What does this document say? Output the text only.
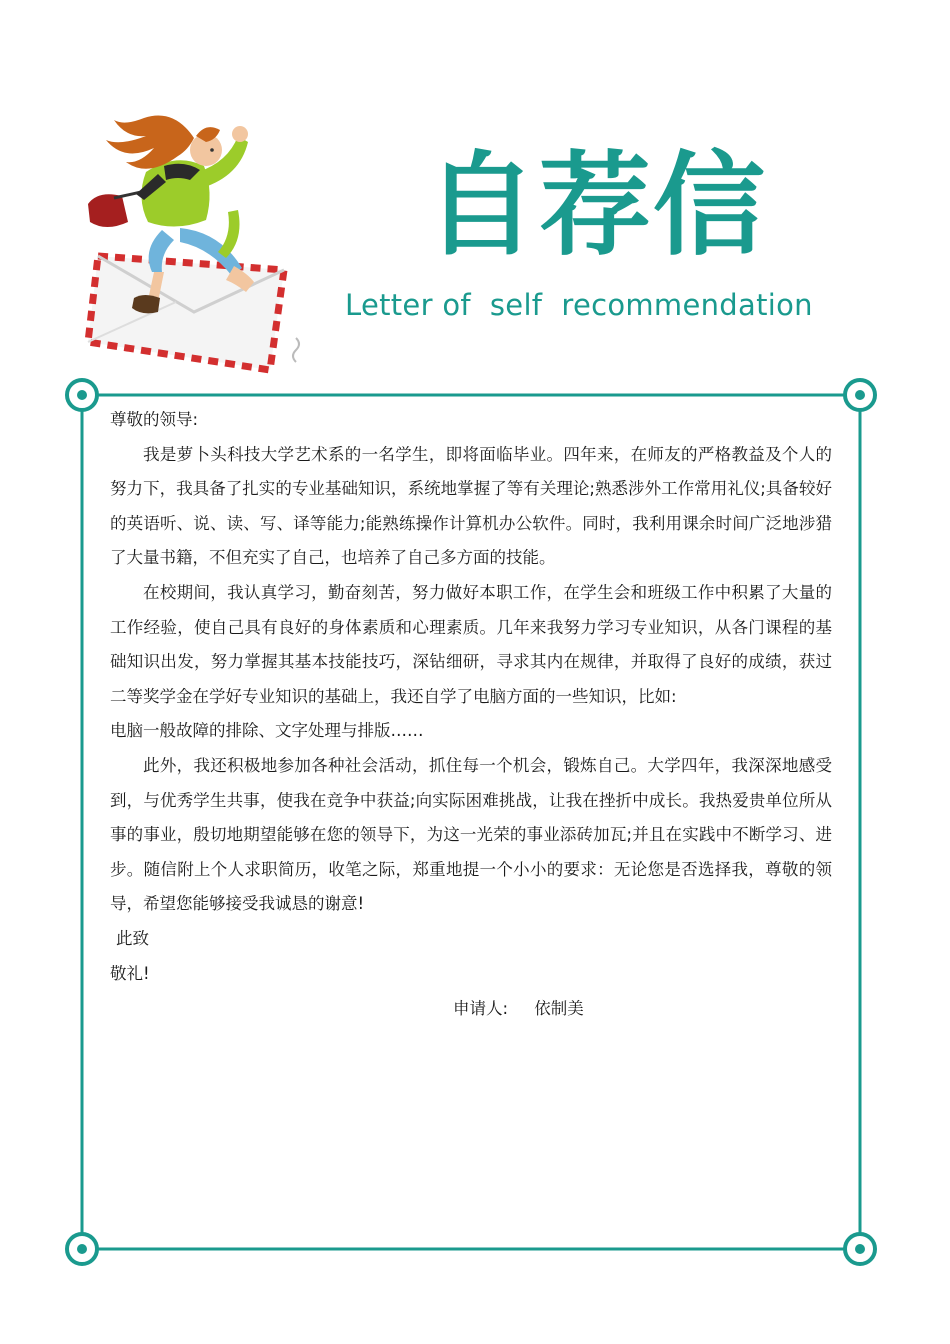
自荐信
Letter of  self  recommendation

尊敬的领导:

我是萝卜头科技大学艺术系的一名学生，即将面临毕业。四年来，在师友的严格教益及个人的努力下，我具备了扎实的专业基础知识，系统地掌握了等有关理论;熟悉涉外工作常用礼仪;具备较好的英语听、说、读、写、译等能力;能熟练操作计算机办公软件。同时，我利用课余时间广泛地涉猎了大量书籍，不但充实了自己，也培养了自己多方面的技能。

在校期间，我认真学习，勤奋刻苦，努力做好本职工作，在学生会和班级工作中积累了大量的工作经验，使自己具有良好的身体素质和心理素质。几年来我努力学习专业知识，从各门课程的基础知识出发，努力掌握其基本技能技巧，深钻细研，寻求其内在规律，并取得了良好的成绩，获过二等奖学金在学好专业知识的基础上，我还自学了电脑方面的一些知识，比如:

电脑一般故障的排除、文字处理与排版……

此外，我还积极地参加各种社会活动，抓住每一个机会，锻炼自己。大学四年，我深深地感受到，与优秀学生共事，使我在竞争中获益;向实际困难挑战，让我在挫折中成长。我热爱贵单位所从事的事业，殷切地期望能够在您的领导下，为这一光荣的事业添砖加瓦;并且在实践中不断学习、进步。随信附上个人求职简历，收笔之际，郑重地提一个小小的要求：无论您是否选择我，尊敬的领导，希望您能够接受我诚恳的谢意!

此致

敬礼!

申请人: 依制美
